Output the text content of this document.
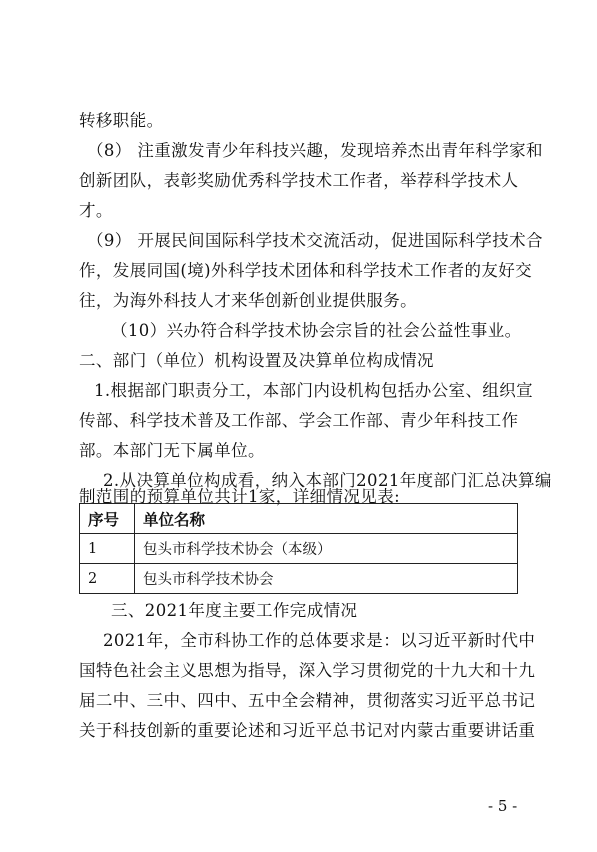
转移职能。
（8） 注重激发青少年科技兴趣，发现培养杰出青年科学家和
创新团队，表彰奖励优秀科学技术工作者，举荐科学技术人
才。
（9） 开展民间国际科学技术交流活动，促进国际科学技术合
作，发展同国(境)外科学技术团体和科学技术工作者的友好交
往，为海外科技人才来华创新创业提供服务。
（10）兴办符合科学技术协会宗旨的社会公益性事业。
二、部门（单位）机构设置及决算单位构成情况
1.根据部门职责分工，本部门内设机构包括办公室、组织宣
传部、科学技术普及工作部、学会工作部、青少年科技工作
部。本部门无下属单位。
2.从决算单位构成看，纳入本部门2021年度部门汇总决算编
制范围的预算单位共计1家，详细情况见表:
序号	单位名称
1	包头市科学技术协会（本级）
2	包头市科学技术协会
三、2021年度主要工作完成情况
2021年，全市科协工作的总体要求是：以习近平新时代中
国特色社会主义思想为指导，深入学习贯彻党的十九大和十九
届二中、三中、四中、五中全会精神，贯彻落实习近平总书记
关于科技创新的重要论述和习近平总书记对内蒙古重要讲话重
- 5 -
